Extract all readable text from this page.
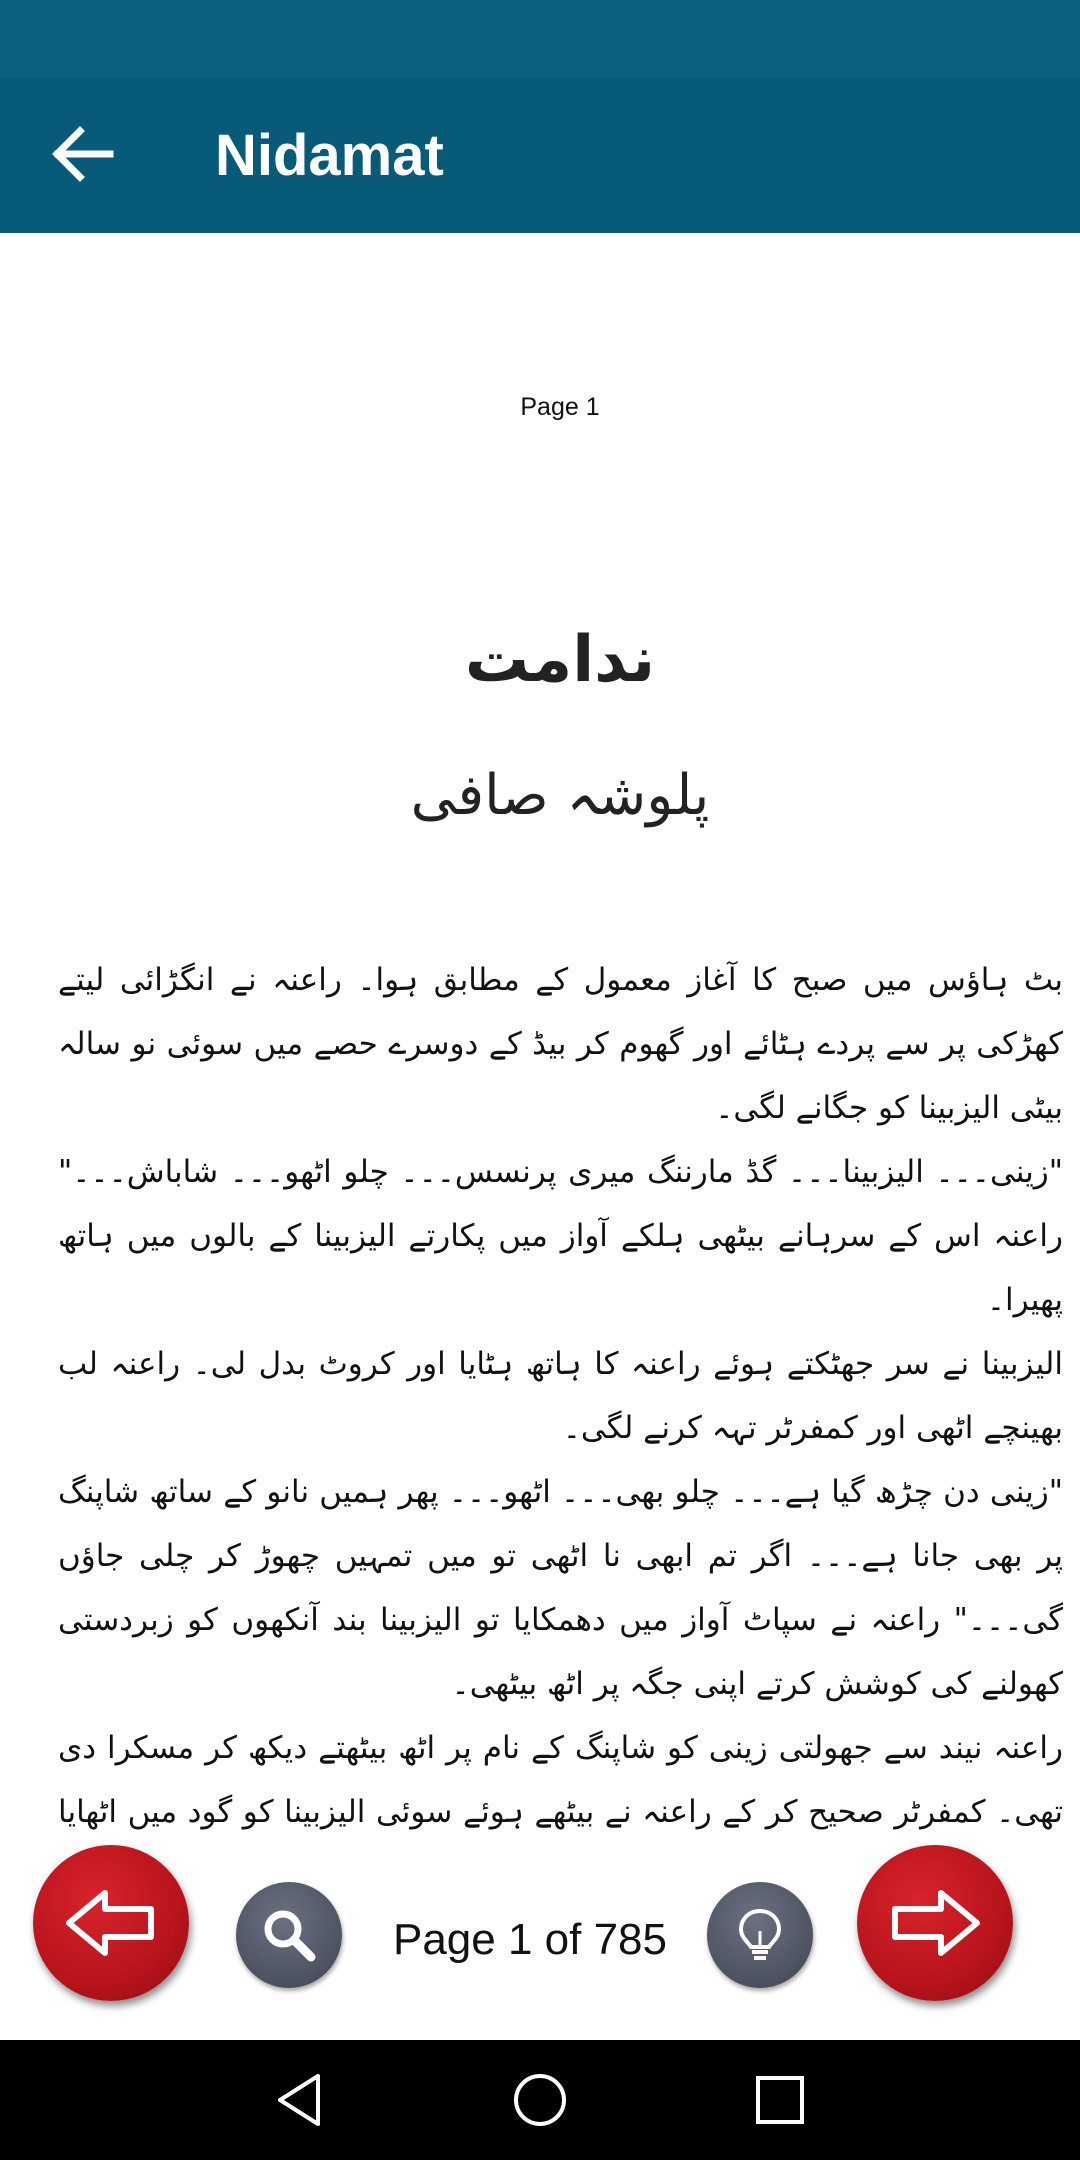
Nidamat
Page 1
ندامت
پلوشہ صافی

بٹ ہاؤس میں صبح کا آغاز معمول کے مطابق ہوا۔ راعنہ نے انگڑائی لیتے کھڑکی پر سے پردے ہٹائے اور گھوم کر بیڈ کے دوسرے حصے میں سوئی نو سالہ بیٹی الیزبینا کو جگانے لگی۔

"زینی۔۔۔ الیزبینا۔۔۔ گڈ مارننگ میری پرنسس۔۔۔ چلو اٹھو۔۔۔ شاباش۔۔۔" راعنہ اس کے سرہانے بیٹھی ہلکے آواز میں پکارتے الیزبینا کے بالوں میں ہاتھ پھیرا۔

الیزبینا نے سر جھٹکتے ہوئے راعنہ کا ہاتھ ہٹایا اور کروٹ بدل لی۔ راعنہ لب بھینچے اٹھی اور کمفرٹر تہہ کرنے لگی۔

"زینی دن چڑھ گیا ہے۔۔۔ چلو بھی۔۔۔ اٹھو۔۔۔ پھر ہمیں نانو کے ساتھ شاپنگ پر بھی جانا ہے۔۔۔ اگر تم ابھی نا اٹھی تو میں تمہیں چھوڑ کر چلی جاؤں گی۔۔۔" راعنہ نے سپاٹ آواز میں دھمکایا تو الیزبینا بند آنکھوں کو زبردستی کھولنے کی کوشش کرتے اپنی جگہ پر اٹھ بیٹھی۔

راعنہ نیند سے جھولتی زینی کو شاپنگ کے نام پر اٹھ بیٹھتے دیکھ کر مسکرا دی تھی۔ کمفرٹر صحیح کر کے راعنہ نے بیٹھے ہوئے سوئی الیزبینا کو گود میں اٹھایا

Page 1 of 785
